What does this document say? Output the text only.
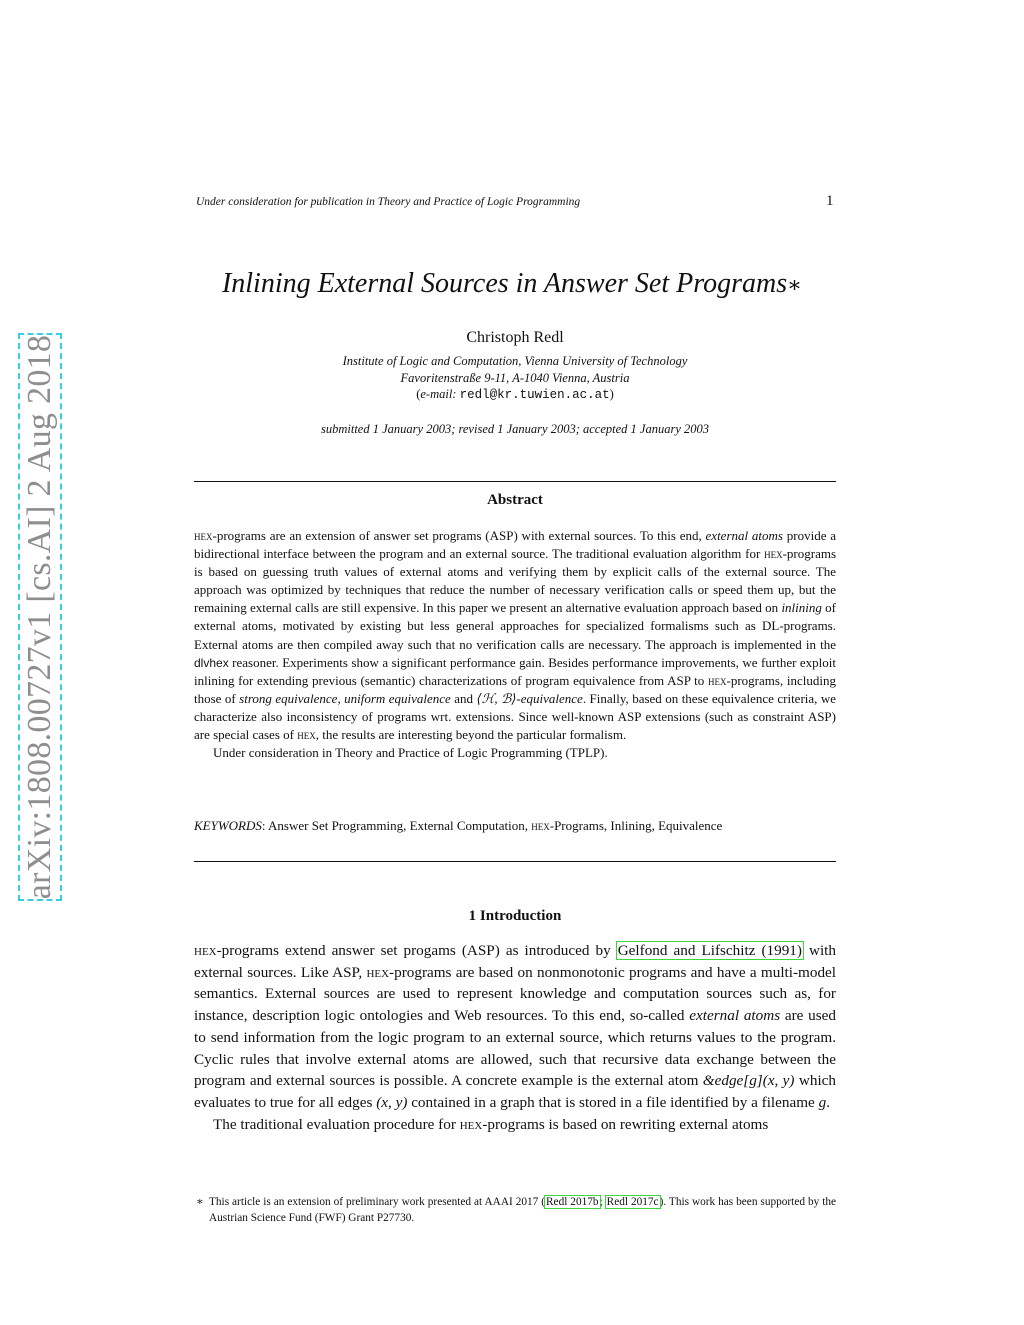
Under consideration for publication in Theory and Practice of Logic Programming	1
Inlining External Sources in Answer Set Programs∗
Christoph Redl
Institute of Logic and Computation, Vienna University of Technology
Favoritenstraße 9-11, A-1040 Vienna, Austria
(e-mail: redl@kr.tuwien.ac.at)
submitted 1 January 2003; revised 1 January 2003; accepted 1 January 2003
Abstract

hex-programs are an extension of answer set programs (ASP) with external sources. To this end, external atoms provide a bidirectional interface between the program and an external source. The traditional evaluation algorithm for hex-programs is based on guessing truth values of external atoms and verifying them by explicit calls of the external source. The approach was optimized by techniques that reduce the number of necessary verification calls or speed them up, but the remaining external calls are still expensive. In this paper we present an alternative evaluation approach based on inlining of external atoms, motivated by existing but less general approaches for specialized formalisms such as DL-programs. External atoms are then compiled away such that no verification calls are necessary. The approach is implemented in the dlvhex reasoner. Experiments show a significant performance gain. Besides performance improvements, we further exploit inlining for extending previous (semantic) characterizations of program equivalence from ASP to hex-programs, including those of strong equivalence, uniform equivalence and ⟨ℋ, ℬ⟩-equivalence. Finally, based on these equivalence criteria, we characterize also inconsistency of programs wrt. extensions. Since well-known ASP extensions (such as constraint ASP) are special cases of hex, the results are interesting beyond the particular formalism.

Under consideration in Theory and Practice of Logic Programming (TPLP).

KEYWORDS: Answer Set Programming, External Computation, hex-Programs, Inlining, Equivalence
1 Introduction

hex-programs extend answer set progams (ASP) as introduced by Gelfond and Lifschitz (1991) with external sources. Like ASP, hex-programs are based on nonmonotonic programs and have a multi-model semantics. External sources are used to represent knowledge and computation sources such as, for instance, description logic ontologies and Web resources. To this end, so-called external atoms are used to send information from the logic program to an external source, which returns values to the program. Cyclic rules that involve external atoms are allowed, such that recursive data exchange between the program and external sources is possible. A concrete example is the external atom &edge[g](x, y) which evaluates to true for all edges (x, y) contained in a graph that is stored in a file identified by a filename g.

The traditional evaluation procedure for hex-programs is based on rewriting external atoms

∗ This article is an extension of preliminary work presented at AAAI 2017 (Redl 2017b; Redl 2017c). This work has been supported by the Austrian Science Fund (FWF) Grant P27730.
arXiv:1808.00727v1 [cs.AI] 2 Aug 2018
